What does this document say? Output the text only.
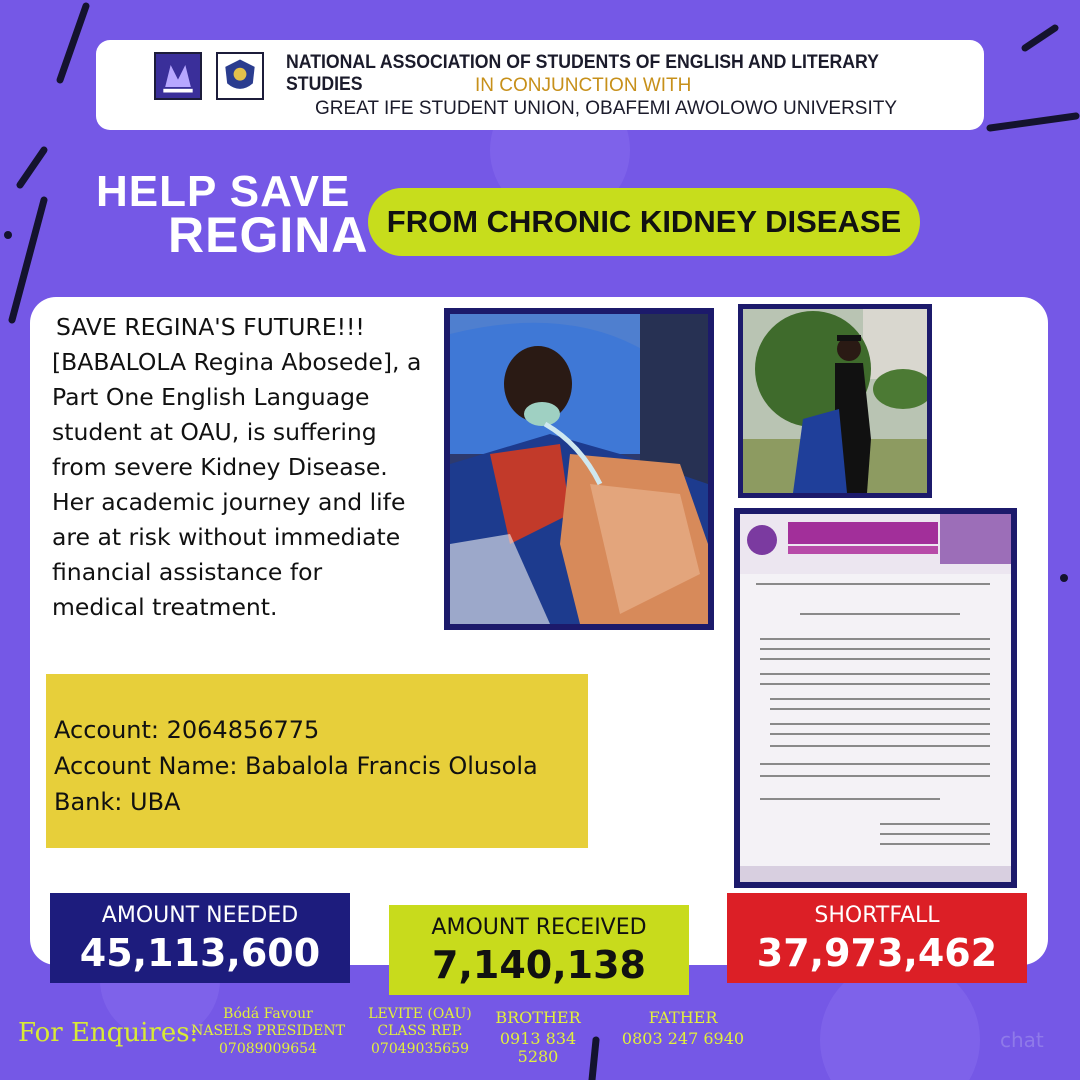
NATIONAL ASSOCIATION OF STUDENTS OF ENGLISH AND LITERARY STUDIES	IN CONJUNCTION WITH
GREAT IFE STUDENT UNION, OBAFEMI AWOLOWO UNIVERSITY
HELP SAVE
REGINA FROM CHRONIC KIDNEY DISEASE
SAVE REGINA'S FUTURE!!!
[BABALOLA Regina Abosede], a Part One English Language student at OAU, is suffering from severe Kidney Disease. Her academic journey and life are at risk without immediate financial assistance for medical treatment.
Account: 2064856775
Account Name: Babalola Francis Olusola
Bank: UBA
AMOUNT NEEDED
45,113,600
AMOUNT RECEIVED
7,140,138
SHORTFALL
37,973,462
For Enquires:
Bódá Favour
NASELS PRESIDENT
07089009654
LEVITE (OAU)
CLASS REP.
07049035659
BROTHER
0913 834 5280
FATHER
0803 247 6940	chat
